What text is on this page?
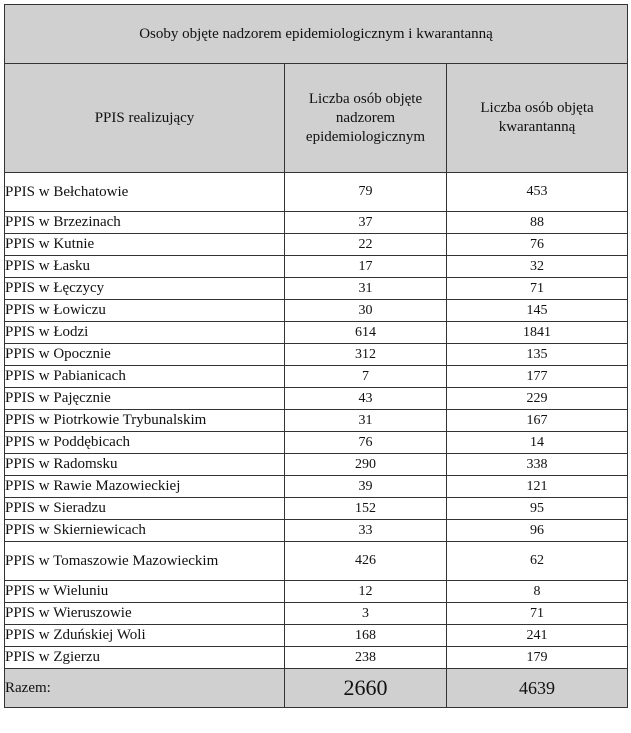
Osoby objęte nadzorem epidemiologicznym i kwarantanną		
PPIS realizujący	Liczba osób objęte nadzorem epidemiologicznym	Liczba osób objęta kwarantanną
PPIS w Bełchatowie	79	453
PPIS w Brzezinach	37	88
PPIS w Kutnie	22	76
PPIS w Łasku	17	32
PPIS w Łęczycy	31	71
PPIS w Łowiczu	30	145
PPIS w Łodzi	614	1841
PPIS w Opocznie	312	135
PPIS w Pabianicach	7	177
PPIS w Pajęcznie	43	229
PPIS w Piotrkowie Trybunalskim	31	167
PPIS w Poddębicach	76	14
PPIS w Radomsku	290	338
PPIS w Rawie Mazowieckiej	39	121
PPIS w Sieradzu	152	95
PPIS w Skierniewicach	33	96
PPIS w Tomaszowie Mazowieckim	426	62
PPIS w Wieluniu	12	8
PPIS w Wieruszowie	3	71
PPIS w Zduńskiej Woli	168	241
PPIS w Zgierzu	238	179
Razem:	2660	4639
